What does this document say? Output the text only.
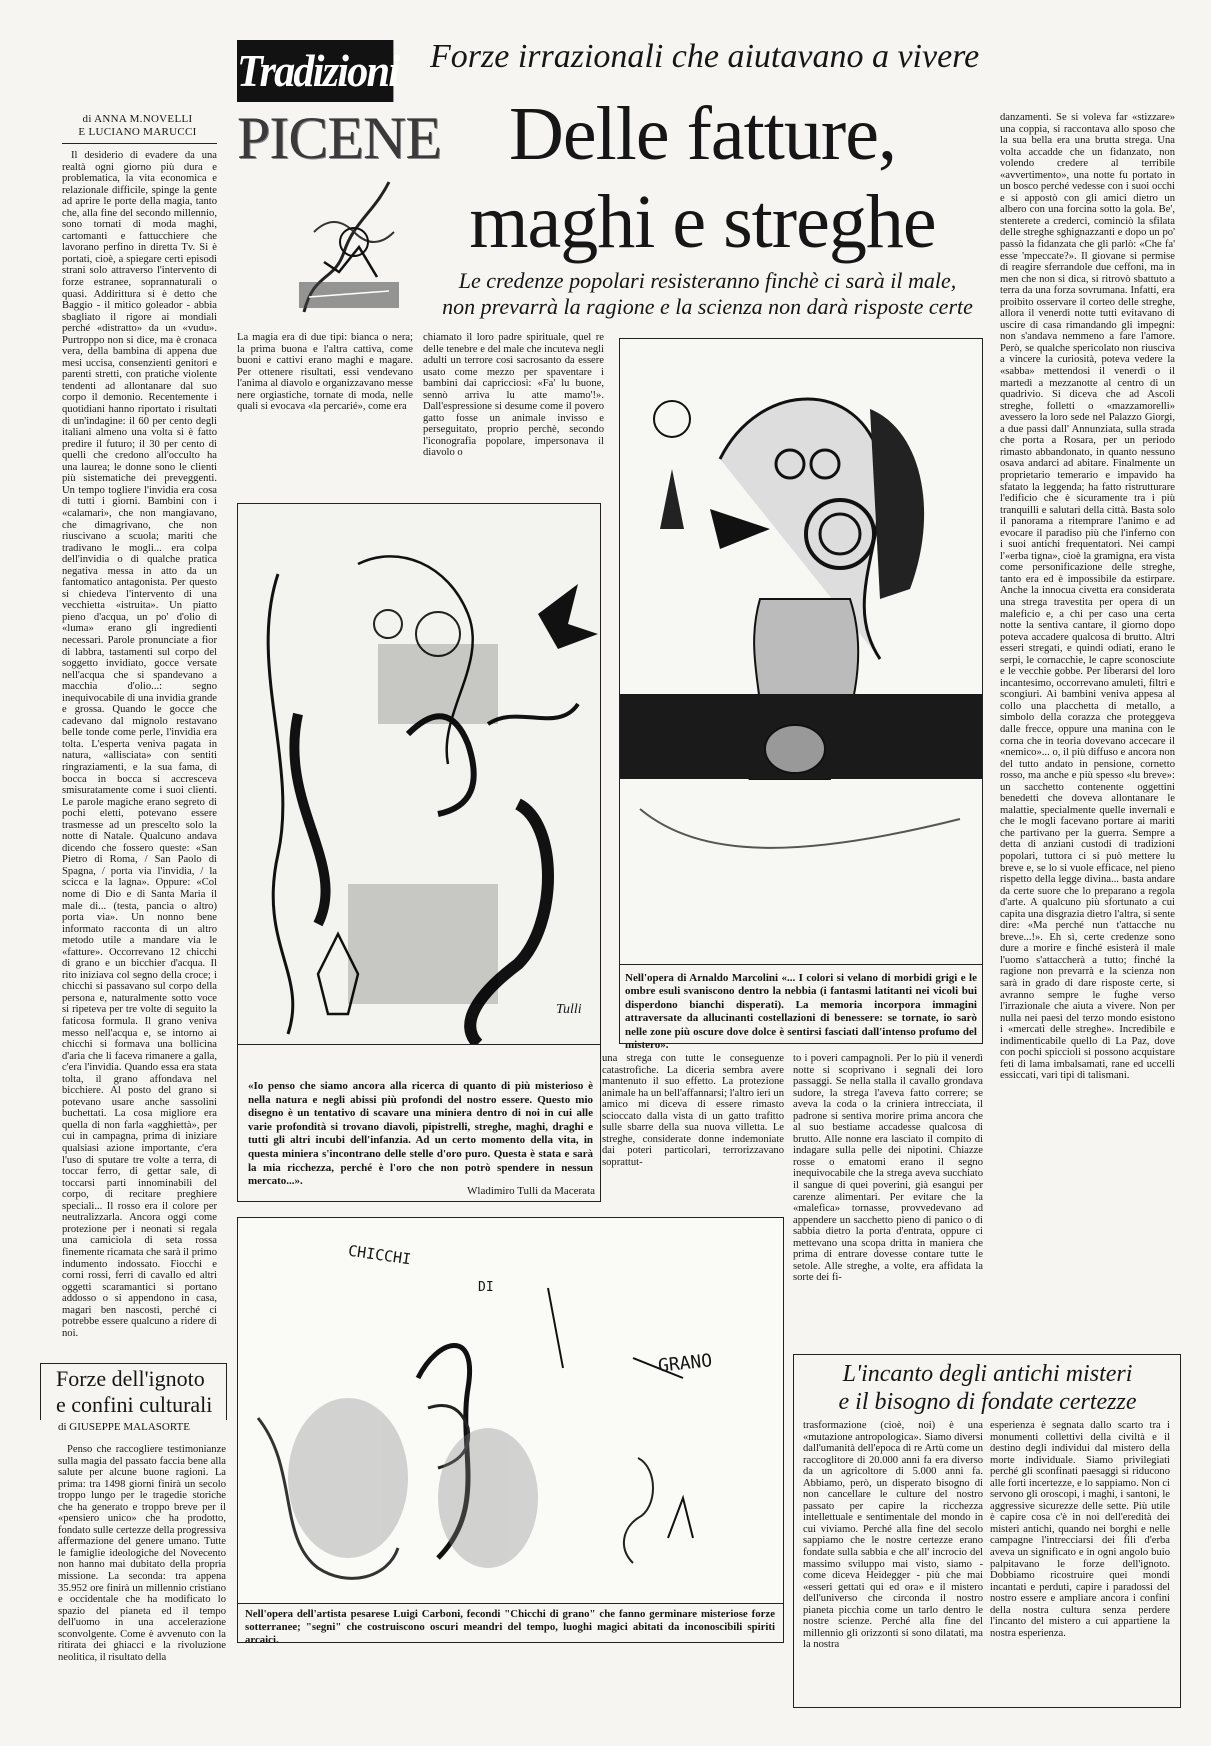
Tradizioni
PICENE
di ANNA M.NOVELLI
E LUCIANO MARUCCI
Forze irrazionali che aiutavano a vivere
Delle fatture,
maghi e streghe
Le credenze popolari resisteranno finchè ci sarà il male,
non prevarrà la ragione e la scienza non darà risposte certe

Il desiderio di evadere da una realtà ogni giorno più dura e problematica, la vita economica e relazionale difficile, spinge la gente ad aprire le porte della magia, tanto che, alla fine del secondo millennio, sono tornati di moda maghi, cartomanti e fattucchiere che lavorano perfino in diretta Tv. Si è portati, cioè, a spiegare certi episodi strani solo attraverso l'intervento di forze estranee, soprannaturali o quasi. Addirittura si è detto che Baggio - il mitico goleador - abbia sbagliato il rigore ai mondiali perché «distratto» da un «vudu». Purtroppo non si dice, ma è cronaca vera, della bambina di appena due mesi uccisa, consenzienti genitori e parenti stretti, con pratiche violente tendenti ad allontanare dal suo corpo il demonio. Recentemente i quotidiani hanno riportato i risultati di un'indagine: il 60 per cento degli italiani almeno una volta si è fatto predire il futuro; il 30 per cento di quelli che credono all'occulto ha una laurea; le donne sono le clienti più sistematiche dei preveggenti. Un tempo togliere l'invidia era cosa di tutti i giorni. Bambini con i «calamari», che non mangiavano, che dimagrivano, che non riuscivano a scuola; mariti che tradivano le mogli... era colpa dell'invidia o di qualche pratica negativa messa in atto da un fantomatico antagonista. Per questo si chiedeva l'intervento di una vecchietta «istruita». Un piatto pieno d'acqua, un po' d'olio di «luma» erano gli ingredienti necessari. Parole pronunciate a fior di labbra, tastamenti sul corpo del soggetto invidiato, gocce versate nell'acqua che si spandevano a macchia d'olio...: segno inequivocabile di una invidia grande e grossa. Quando le gocce che cadevano dal mignolo restavano belle tonde come perle, l'invidia era tolta. L'esperta veniva pagata in natura, «allisciata» con sentiti ringraziamenti, e la sua fama, di bocca in bocca si accresceva smisuratamente come i suoi clienti. Le parole magiche erano segreto di pochi eletti, potevano essere trasmesse ad un prescelto solo la notte di Natale. Qualcuno andava dicendo che fossero queste: «San Pietro di Roma, / San Paolo di Spagna, / porta via l'invidia, / la scicca e la lagna». Oppure: «Col nome di Dio e di Santa Maria il male di... (testa, pancia o altro) porta via». Un nonno bene informato racconta di un altro metodo utile a mandare via le «fatture». Occorrevano 12 chicchi di grano e un bicchier d'acqua. Il rito iniziava col segno della croce; i chicchi si passavano sul corpo della persona e, naturalmente sotto voce si ripeteva per tre volte di seguito la faticosa formula. Il grano veniva messo nell'acqua e, se intorno ai chicchi si formava una bollicina d'aria che li faceva rimanere a galla, c'era l'invidia. Quando essa era stata tolta, il grano affondava nel bicchiere. Al posto del grano si potevano usare anche sassolini buchettati. La cosa migliore era quella di non farla «agghiettà», per cui in campagna, prima di iniziare qualsiasi azione importante, c'era l'uso di sputare tre volte a terra, di toccar ferro, di gettar sale, di toccarsi parti innominabili del corpo, di recitare preghiere speciali... Il rosso era il colore per neutralizzarla. Ancora oggi come protezione per i neonati si regala una camiciola di seta rossa finemente ricamata che sarà il primo indumento indossato. Fiocchi e corni rossi, ferri di cavallo ed altri oggetti scaramantici si portano addosso o si appendono in casa, magari ben nascosti, perché ci potrebbe essere qualcuno a ridere di noi.

La magia era di due tipi: bianca o nera; la prima buona e l'altra cattiva, come buoni e cattivi erano maghi e magare. Per ottenere risultati, essi vendevano l'anima al diavolo e organizzavano messe nere orgiastiche, tornate di moda, nelle quali si evocava «la percarié», come era

chiamato il loro padre spirituale, quel re delle tenebre e del male che incuteva negli adulti un terrore così sacrosanto da essere usato come mezzo per spaventare i bambini dai capricciosi: «Fa' lu buone, sennò arriva lu atte mamo'!». Dall'espressione si desume come il povero gatto fosse un animale invisso e perseguitato, proprio perchè, secondo l'iconografia popolare, impersonava il diavolo o

una strega con tutte le conseguenze catastrofiche. La diceria sembra avere mantenuto il suo effetto. La protezione animale ha un bell'affannarsi; l'altro ieri un amico mi diceva di essere rimasto scioccato dalla vista di un gatto trafitto sulle sbarre della sua nuova villetta. Le streghe, considerate donne indemoniate dai poteri particolari, terrorizzavano soprattut-

to i poveri campagnoli. Per lo più il venerdì notte si scoprivano i segnali dei loro passaggi. Se nella stalla il cavallo grondava sudore, la strega l'aveva fatto correre; se aveva la coda o la criniera intrecciata, il padrone si sentiva morire prima ancora che al suo bestiame accadesse qualcosa di brutto. Alle nonne era lasciato il compito di indagare sulla pelle dei nipotini. Chiazze rosse o ematomi erano il segno inequivocabile che la strega aveva succhiato il sangue di quei poverini, già esangui per carenze alimentari. Per evitare che la «malefica» tornasse, provvedevano ad appendere un sacchetto pieno di panico o di sabbia dietro la porta d'entrata, oppure ci mettevano una scopa dritta in maniera che prima di entrare dovesse contare tutte le setole. Alle streghe, a volte, era affidata la sorte dei fi-

danzamenti. Se si voleva far «stizzare» una coppia, si raccontava allo sposo che la sua bella era una brutta strega. Una volta accadde che un fidanzato, non volendo credere al terribile «avvertimento», una notte fu portato in un bosco perché vedesse con i suoi occhi e si appostò con gli amici dietro un albero con una forcina sotto la gola. Be', stenterete a crederci, cominciò la sfilata delle streghe sghignazzanti e dopo un po' passò la fidanzata che gli parlò: «Che fa' esse 'mpeccate?». Il giovane si permise di reagire sferrandole due ceffoni, ma in men che non si dica, si ritrovò sbattuto a terra da una forza sovrumana. Infatti, era proibito osservare il corteo delle streghe, allora il venerdì notte tutti evitavano di uscire di casa rimandando gli impegni: non s'andava nemmeno a fare l'amore. Però, se qualche spericolato non riusciva a vincere la curiosità, poteva vedere la «sabba» mettendosi il venerdì o il martedì a mezzanotte al centro di un quadrivio. Si diceva che ad Ascoli streghe, folletti o «mazzamorelli» avessero la loro sede nel Palazzo Giorgi, a due passi dall' Annunziata, sulla strada che porta a Rosara, per un periodo rimasto abbandonato, in quanto nessuno osava andarci ad abitare. Finalmente un proprietario temerario e impavido ha sfatato la leggenda; ha fatto ristrutturare l'edificio che è sicuramente tra i più tranquilli e salutari della città. Basta solo il panorama a ritemprare l'animo e ad evocare il paradiso più che l'inferno con i suoi antichi frequentatori. Nei campi l'«erba tigna», cioè la gramigna, era vista come personificazione delle streghe, tanto era ed è impossibile da estirpare. Anche la innocua civetta era considerata una strega travestita per opera di un maleficio e, a chi per caso una certa notte la sentiva cantare, il giorno dopo poteva accadere qualcosa di brutto. Altri esseri stregati, e quindi odiati, erano le serpi, le cornacchie, le capre sconosciute e le vecchie gobbe. Per liberarsi del loro incantesimo, occorrevano amuleti, filtri e scongiuri. Ai bambini veniva appesa al collo una placchetta di metallo, a simbolo della corazza che proteggeva dalle frecce, oppure una manina con le corna che in teoria dovevano accecare il «nemico»... o, il più diffuso e ancora non del tutto andato in pensione, cornetto rosso, ma anche e più spesso «lu breve»: un sacchetto contenente oggettini benedetti che doveva allontanare le malattie, specialmente quelle invernali e che le mogli facevano portare ai mariti che partivano per la guerra. Sempre a detta di anziani custodi di tradizioni popolari, tuttora ci si può mettere lu breve e, se lo si vuole efficace, nel pieno rispetto della legge divina... basta andare da certe suore che lo preparano a regola d'arte. A qualcuno più sfortunato a cui capita una disgrazia dietro l'altra, si sente dire: «Ma perché nun t'attacche nu breve...!». Eh sì, certe credenze sono dure a morire e finché esisterà il male l'uomo s'attaccherà a tutto; finché la ragione non prevarrà e la scienza non sarà in grado di dare risposte certe, si avranno sempre le fughe verso l'irrazionale che aiuta a vivere. Non per nulla nei paesi del terzo mondo esistono i «mercati delle streghe». Incredibile e indimenticabile quello di La Paz, dove con pochi spiccioli si possono acquistare feti di lama imbalsamati, rane ed uccelli essiccati, vari tipi di talismani.

Tulli
«Io penso che siamo ancora alla ricerca di quanto di più misterioso è nella natura e negli abissi più profondi del nostro essere. Questo mio disegno è un tentativo di scavare una miniera dentro di noi in cui alle varie profondità si trovano diavoli, pipistrelli, streghe, maghi, draghi e tutti gli altri incubi dell'infanzia. Ad un certo momento della vita, in questa miniera s'incontrano delle stelle d'oro puro. Questa è stata e sarà la mia ricchezza, perché è l'oro che non potrò spendere in nessun mercato...».
Wladimiro Tulli da Macerata
Nell'opera di Arnaldo Marcolini «... I colori si velano di morbidi grigi e le ombre esuli svaniscono dentro la nebbia (i fantasmi latitanti nei vicoli bui disperdono bianchi disperati). La memoria incorpora immagini attraversate da allucinanti costellazioni di benessere: se tornate, io sarò nelle zone più oscure dove dolce è sentirsi fasciati dall'intenso profumo del mistero».
CHICCHI
DI
GRANO
Nell'opera dell'artista pesarese Luigi Carboni, fecondi "Chicchi di grano" che fanno germinare misteriose forze sotterranee; "segni" che costruiscono oscuri meandri del tempo, luoghi magici abitati da inconoscibili spiriti arcaici.
Forze dell'ignoto
e confini culturali
di GIUSEPPE MALASORTE

Penso che raccogliere testimonianze sulla magia del passato faccia bene alla salute per alcune buone ragioni. La prima: tra 1498 giorni finirà un secolo troppo lungo per le tragedie storiche che ha generato e troppo breve per il «pensiero unico» che ha prodotto, fondato sulle certezze della progressiva affermazione del genere umano. Tutte le famiglie ideologiche del Novecento non hanno mai dubitato della propria missione. La seconda: tra appena 35.952 ore finirà un millennio cristiano e occidentale che ha modificato lo spazio del pianeta ed il tempo dell'uomo in una accelerazione sconvolgente. Come è avvenuto con la ritirata dei ghiacci e la rivoluzione neolitica, il risultato della

L'incanto degli antichi misteri
e il bisogno di fondate certezze

trasformazione (cioè, noi) è una «mutazione antropologica». Siamo diversi dall'umanità dell'epoca di re Artù come un raccoglitore di 20.000 anni fa era diverso da un agricoltore di 5.000 anni fa. Abbiamo, però, un disperato bisogno di non cancellare le culture del nostro passato per capire la ricchezza intellettuale e sentimentale del mondo in cui viviamo. Perché alla fine del secolo sappiamo che le nostre certezze erano fondate sulla sabbia e che all' incrocio del massimo sviluppo mai visto, siamo - come diceva Heidegger - più che mai «esseri gettati qui ed ora» e il mistero dell'universo che circonda il nostro pianeta picchia come un tarlo dentro le nostre scienze. Perché alla fine del millennio gli orizzonti si sono dilatati, ma la nostra

esperienza è segnata dallo scarto tra i monumenti collettivi della civiltà e il destino degli individui dal mistero della morte individuale. Siamo privilegiati perché gli sconfinati paesaggi si riducono alle forti incertezze, e lo sappiamo. Non ci servono gli oroscopi, i maghi, i santoni, le aggressive sicurezze delle sette. Più utile è capire cosa c'è in noi dell'eredità dei misteri antichi, quando nei borghi e nelle campagne l'intrecciarsi dei fili d'erba aveva un significato e in ogni angolo buio palpitavano le forze dell'ignoto. Dobbiamo ricostruire quei mondi incantati e perduti, capire i paradossi del nostro essere e ampliare ancora i confini della nostra cultura senza perdere l'incanto del mistero a cui appartiene la nostra esperienza.
